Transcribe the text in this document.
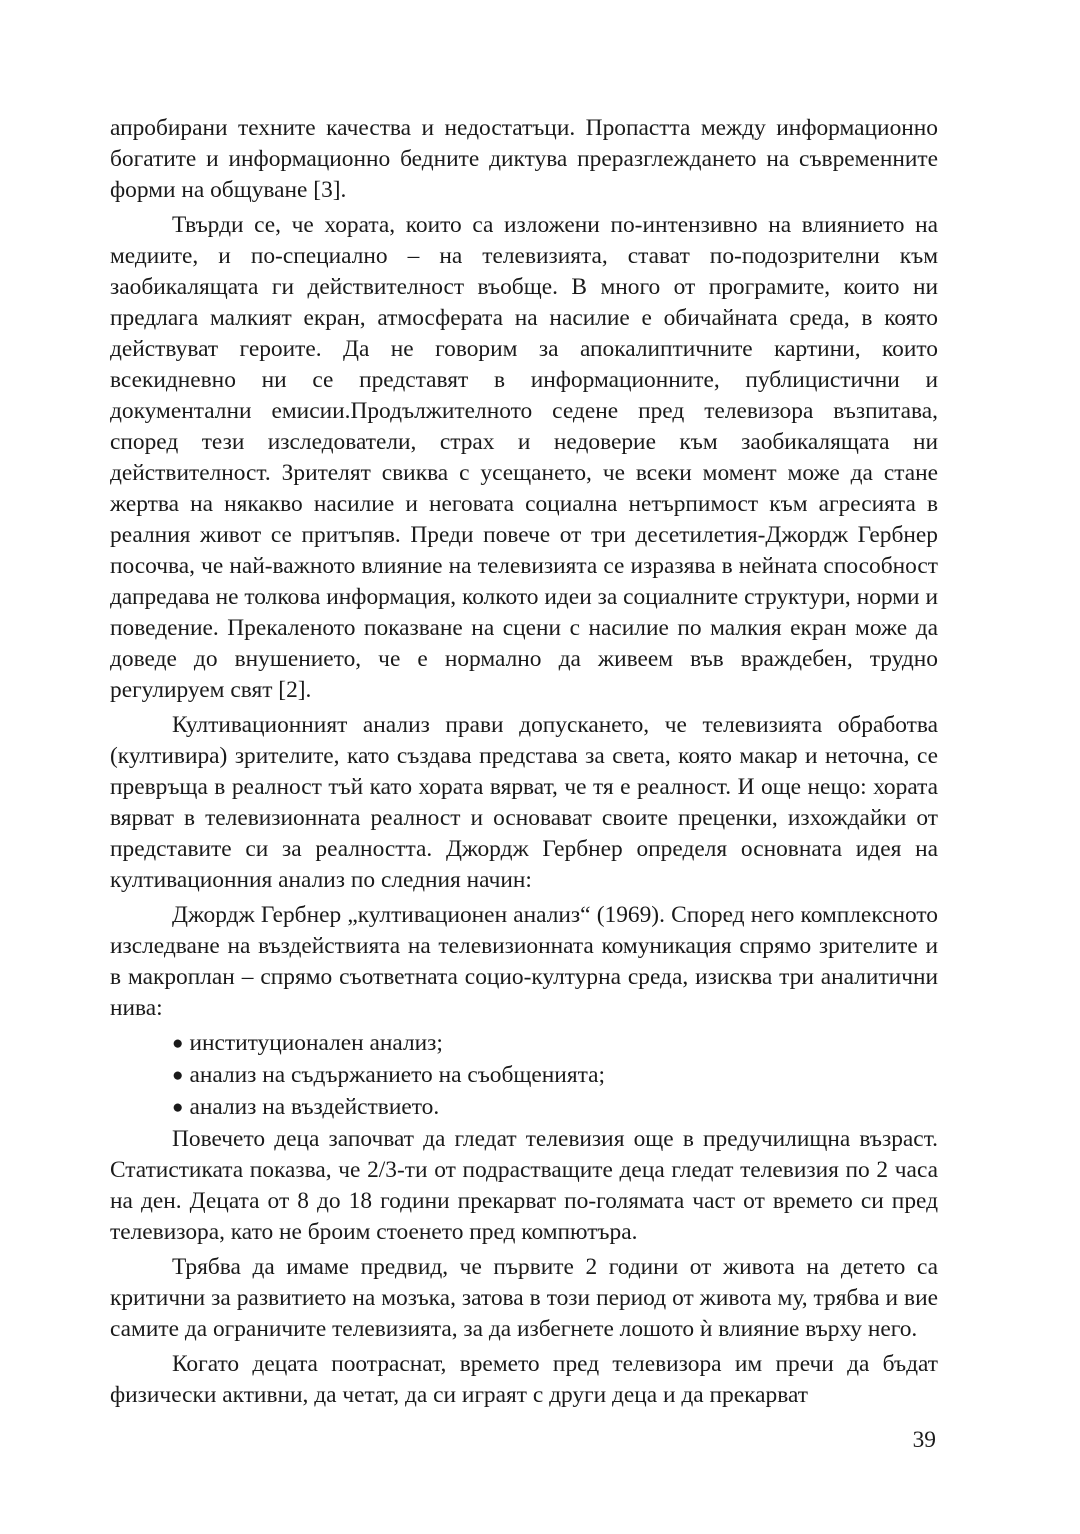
апробирани техните качества и недостатъци. Пропастта между информационно богатите и информационно бедните диктува преразглеждането на съвременните форми на общуване [3].

Твърди се, че хората, които са изложени по-интензивно на влиянието на медиите, и по-специално – на телевизията, стават по-подозрителни към заобикалящата ги действителност въобще. В много от програмите, които ни предлага малкият екран, атмосферата на насилие е обичайната среда, в която действуват героите. Да не говорим за апокалиптичните картини, които всекидневно ни се представят в информационните, публицистични и документални емисии.Продължителното седене пред телевизора възпитава, според тези изследователи, страх и недоверие към заобикалящата ни действителност. Зрителят свиква с усещането, че всеки момент може да стане жертва на някакво насилие и неговата социална нетърпимост към агресията в реалния живот се притъпяв. Преди повече от три десетилетия-Джордж Гербнер посочва, че най-важното влияние на телевизията се изразява в нейната способност дапредава не толкова информация, колкото идеи за социалните структури, норми и поведение. Прекаленото показване на сцени с насилие по малкия екран може да доведе до внушението, че е нормално да живеем във враждебен, трудно регулируем свят [2].

Култивационният анализ прави допускането, че телевизията обработва (култивира) зрителите, като създава представа за света, която макар и неточна, се превръща в реалност тъй като хората вярват, че тя е реалност. И още нещо: хората вярват в телевизионната реалност и основават своите преценки, изхождайки от представите си за реалността. Джордж Гербнер определя основната идея на култивационния анализ по следния начин:

Джордж Гербнер „култивационен анализ“ (1969). Според него комплексното изследване на въздействията на телевизионната комуникация спрямо зрителите и в макроплан – спрямо съответната социо-културна среда, изисква три аналитични нива:

● институционален анализ;
● анализ на съдържанието на съобщенията;
● анализ на въздействието.

Повечето деца започват да гледат телевизия още в предучилищна възраст. Статистиката показва, че 2/3-ти от подрастващите деца гледат телевизия по 2 часа на ден. Децата от 8 до 18 години прекарват по-голямата част от времето си пред телевизора, като не броим стоенето пред компютъра.

Трябва да имаме предвид, че първите 2 години от живота на детето са критични за развитието на мозъка, затова в този период от живота му, трябва и вие самите да ограничите телевизията, за да избегнете лошото ѝ влияние върху него.

Когато децата поотраснат, времето пред телевизора им пречи да бъдат физически активни, да четат, да си играят с други деца и да прекарват

39
